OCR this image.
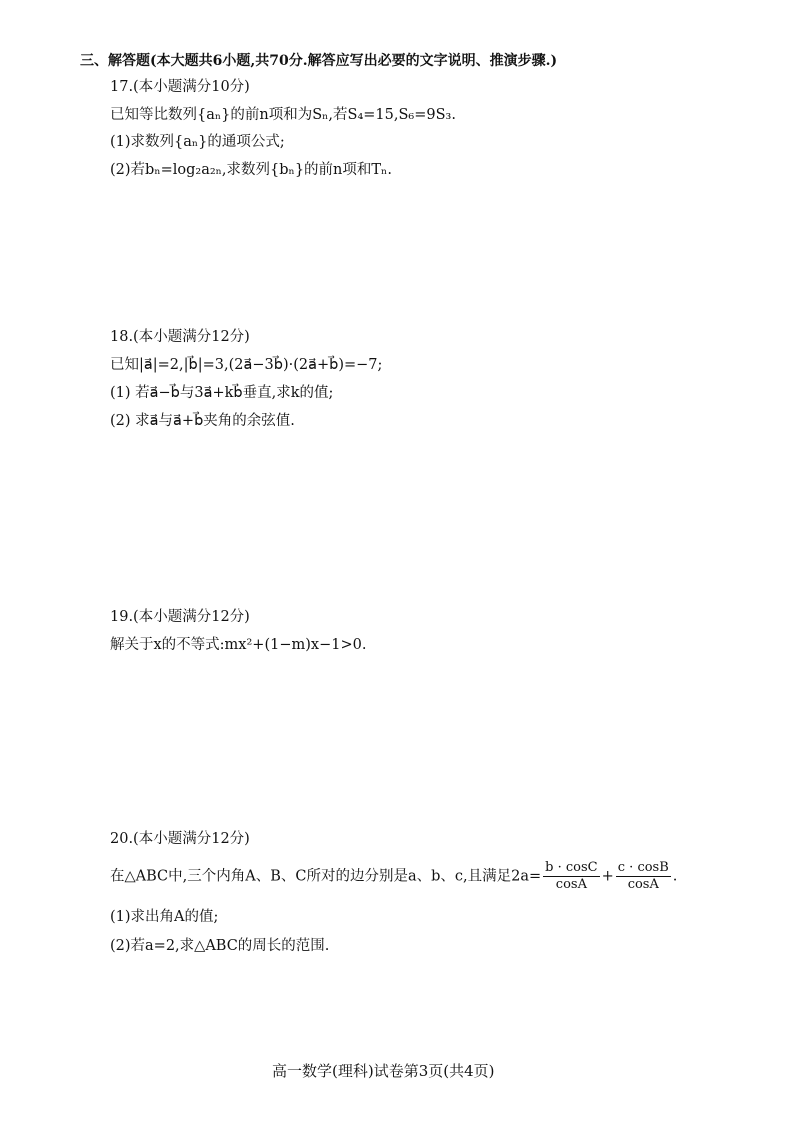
三、解答题(本大题共6小题,共70分.解答应写出必要的文字说明、推演步骤.)
17.(本小题满分10分)
已知等比数列{aₙ}的前n项和为Sₙ,若S₄=15,S₆=9S₃.
(1)求数列{aₙ}的通项公式;
(2)若bₙ=log₂a₂ₙ,求数列{bₙ}的前n项和Tₙ.
18.(本小题满分12分)
已知|a⃗|=2,|b⃗|=3,(2a⃗−3b⃗)·(2a⃗+b⃗)=−7;
(1) 若a⃗−b⃗与3a⃗+kb⃗垂直,求k的值;
(2) 求a⃗与a⃗+b⃗夹角的余弦值.
19.(本小题满分12分)
解关于x的不等式:mx²+(1−m)x−1>0.
20.(本小题满分12分)
在△ABC中,三个内角A、B、C所对的边分别是a、b、c,且满足$2a= \frac{b \cdot \cos C}{\cos A} + \frac{c \cdot \cos B}{\cos A}$ .
(1)求出角A的值;
(2)若a=2,求△ABC的周长的范围.
高一数学(理科)试卷第3页(共4页)
